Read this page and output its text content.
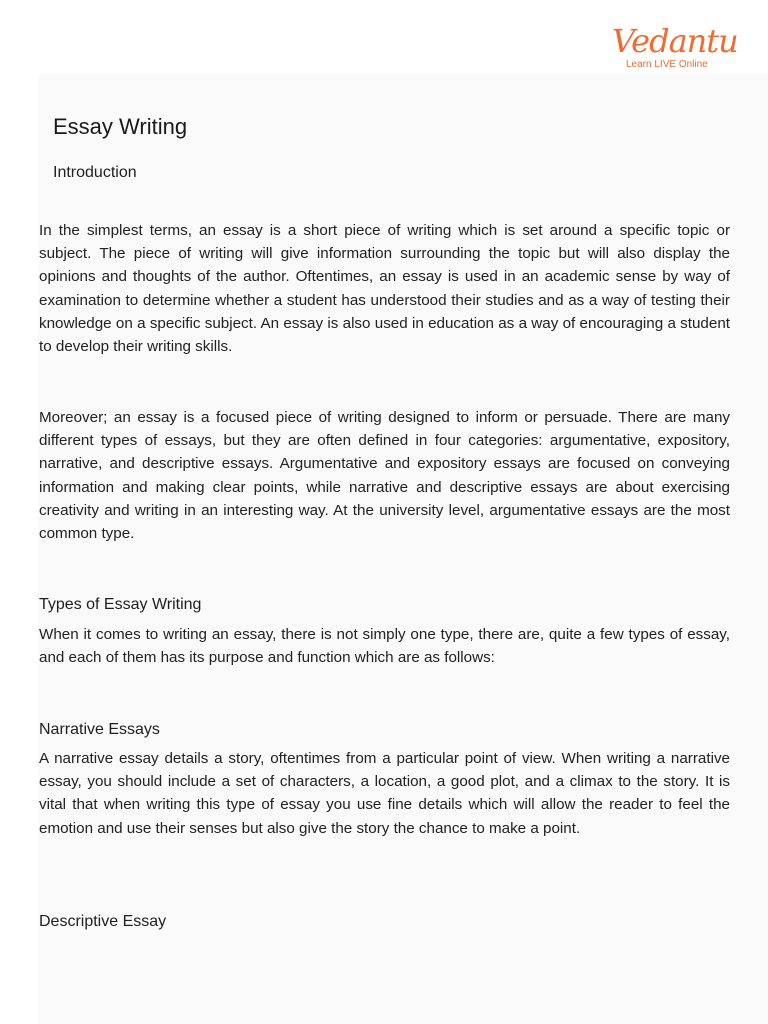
Vedantu
Learn LIVE Online
Essay Writing
Introduction

In the simplest terms, an essay is a short piece of writing which is set around a specific topic or subject. The piece of writing will give information surrounding the topic but will also display the opinions and thoughts of the author. Oftentimes, an essay is used in an academic sense by way of examination to determine whether a student has understood their studies and as a way of testing their knowledge on a specific subject. An essay is also used in education as a way of encouraging a student to develop their writing skills.

Moreover; an essay is a focused piece of writing designed to inform or persuade. There are many different types of essays, but they are often defined in four categories: argumentative, expository, narrative, and descriptive essays. Argumentative and expository essays are focused on conveying information and making clear points, while narrative and descriptive essays are about exercising creativity and writing in an interesting way. At the university level, argumentative essays are the most common type.

Types of Essay Writing

When it comes to writing an essay, there is not simply one type, there are, quite a few types of essay, and each of them has its purpose and function which are as follows:

Narrative Essays

A narrative essay details a story, oftentimes from a particular point of view. When writing a narrative essay, you should include a set of characters, a location, a good plot, and a climax to the story. It is vital that when writing this type of essay you use fine details which will allow the reader to feel the emotion and use their senses but also give the story the chance to make a point.

Descriptive Essay
